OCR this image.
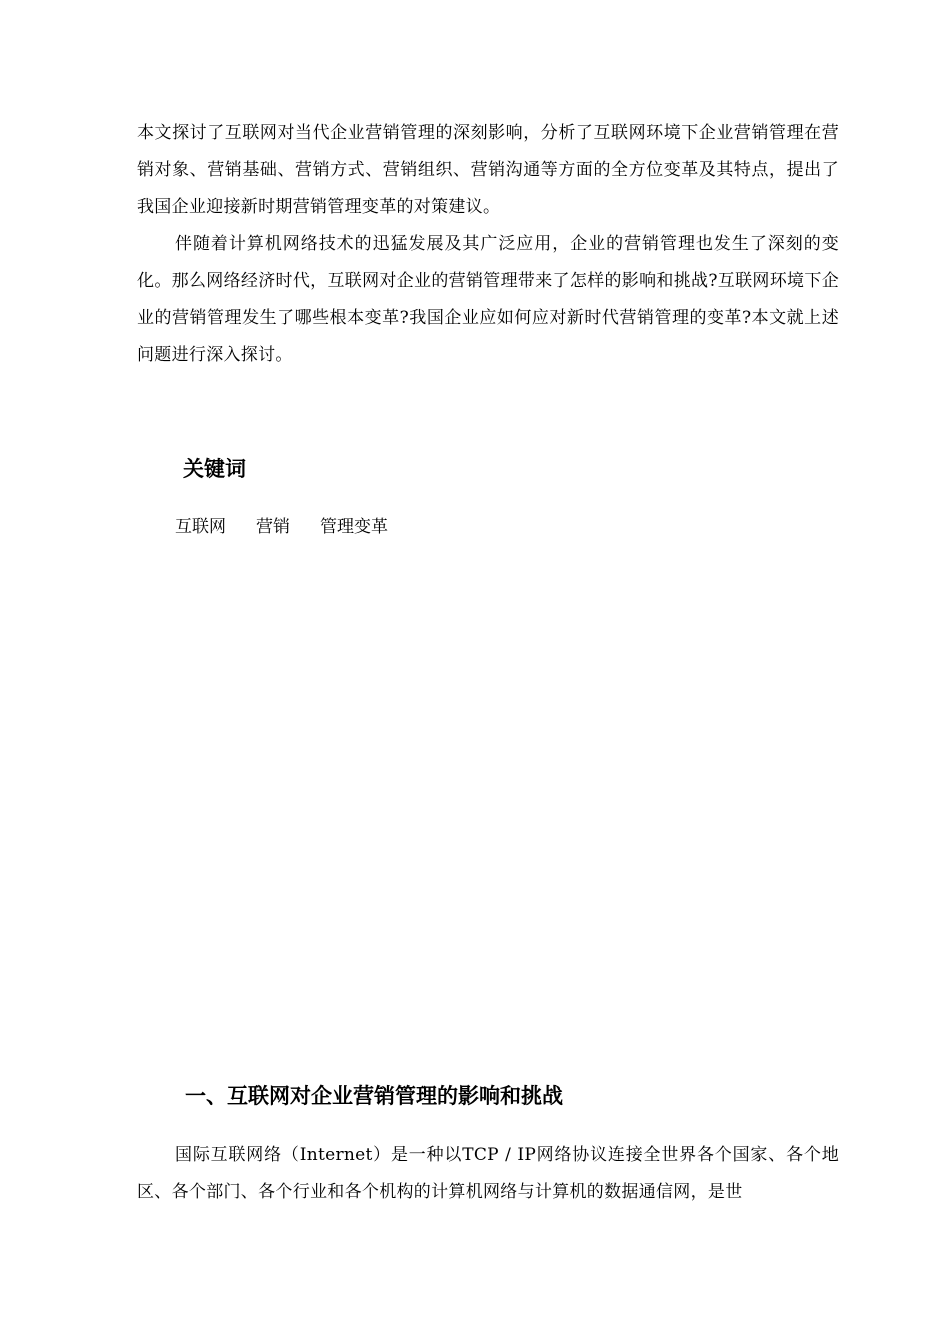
本文探讨了互联网对当代企业营销管理的深刻影响，分析了互联网环境下企业营销管理在营销对象、营销基础、营销方式、营销组织、营销沟通等方面的全方位变革及其特点，提出了我国企业迎接新时期营销管理变革的对策建议。

伴随着计算机网络技术的迅猛发展及其广泛应用，企业的营销管理也发生了深刻的变化。那么网络经济时代，互联网对企业的营销管理带来了怎样的影响和挑战?互联网环境下企业的营销管理发生了哪些根本变革?我国企业应如何应对新时代营销管理的变革?本文就上述问题进行深入探讨。

关键词

互联网 营销 管理变革

一、互联网对企业营销管理的影响和挑战

国际互联网络（Internet）是一种以TCP / IP网络协议连接全世界各个国家、各个地区、各个部门、各个行业和各个机构的计算机网络与计算机的数据通信网，是世
